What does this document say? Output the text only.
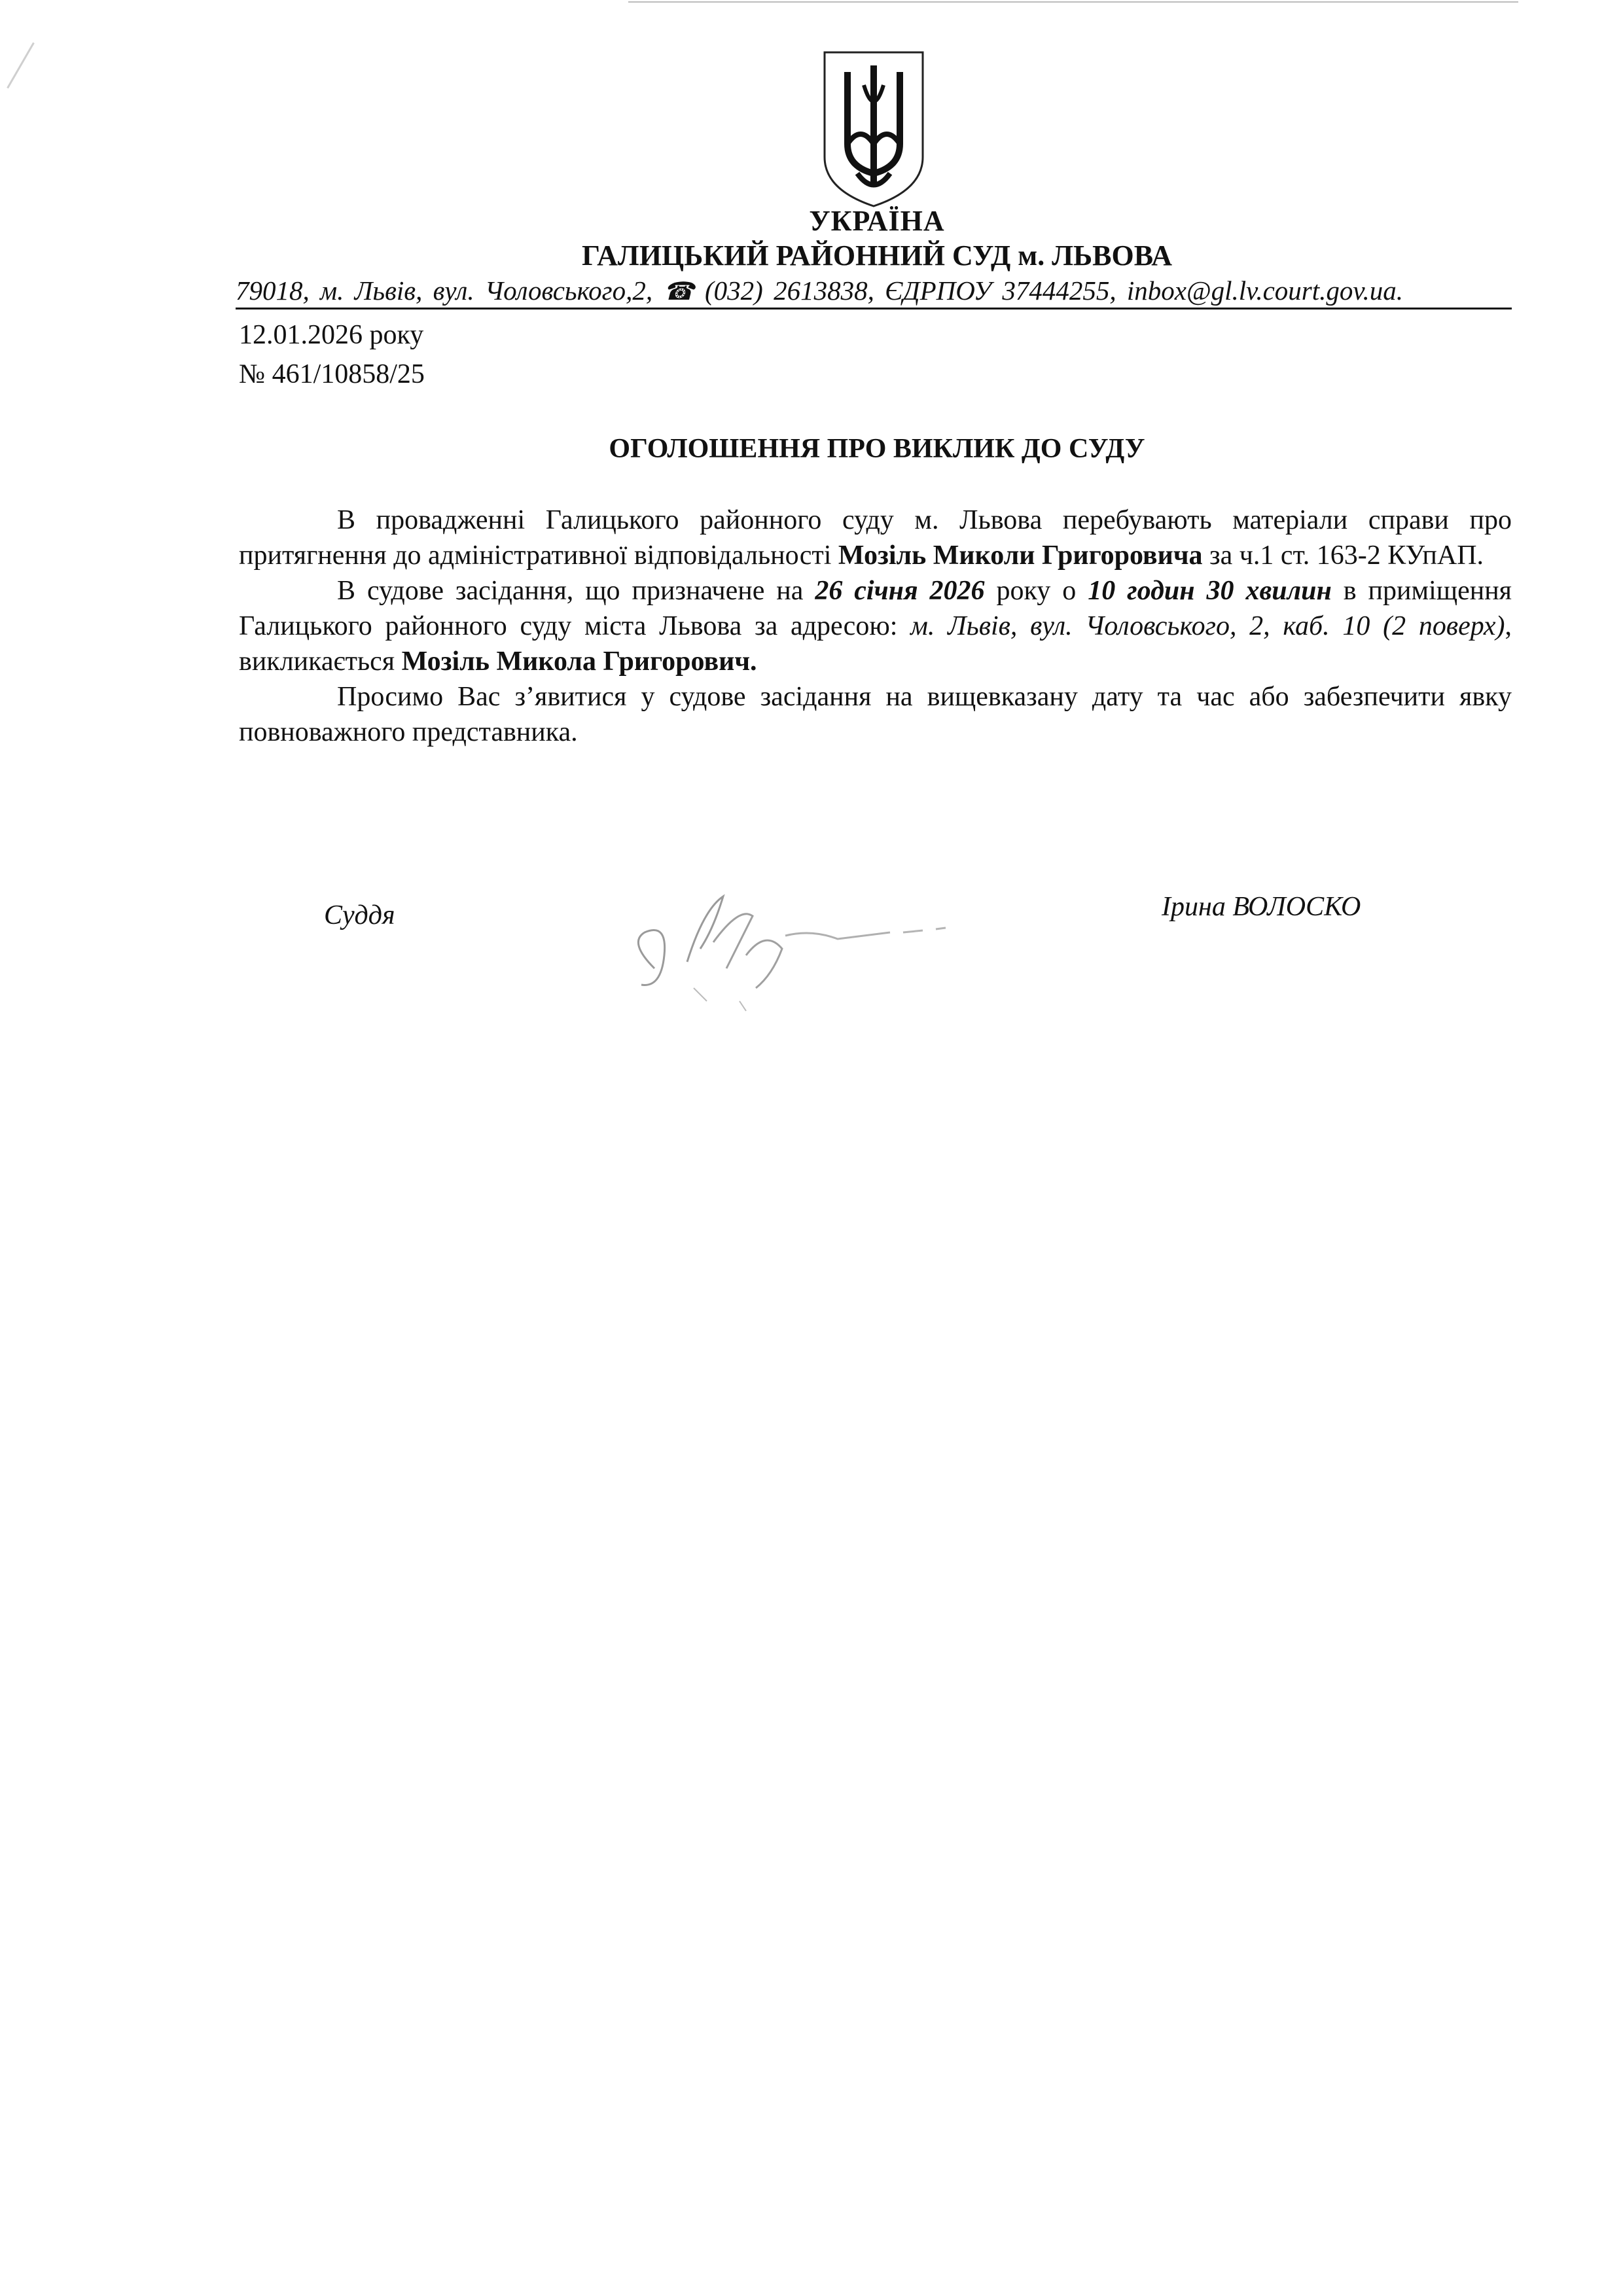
УКРАЇНА
ГАЛИЦЬКИЙ РАЙОННИЙ СУД м. ЛЬВОВА
79018, м. Львів, вул. Чоловського,2, ☎ (032) 2613838, ЄДРПОУ 37444255, inbox@gl.lv.court.gov.ua.
12.01.2026 року
№ 461/10858/25
ОГОЛОШЕННЯ ПРО ВИКЛИК ДО СУДУ

В провадженні Галицького районного суду м. Львова перебувають матеріали справи про притягнення до адміністративної відповідальності Мозіль Миколи Григоровича за ч.1 ст. 163-2 КУпАП.

В судове засідання, що призначене на 26 січня 2026 року о 10 годин 30 хвилин в приміщення Галицького районного суду міста Львова за адресою: м. Львів, вул. Чоловського, 2, каб. 10 (2 поверх), викликається Мозіль Микола Григорович.

Просимо Вас з’явитися у судове засідання на вищевказану дату та час або забезпечити явку повноважного представника.

Суддя	Ірина ВОЛОСКО
